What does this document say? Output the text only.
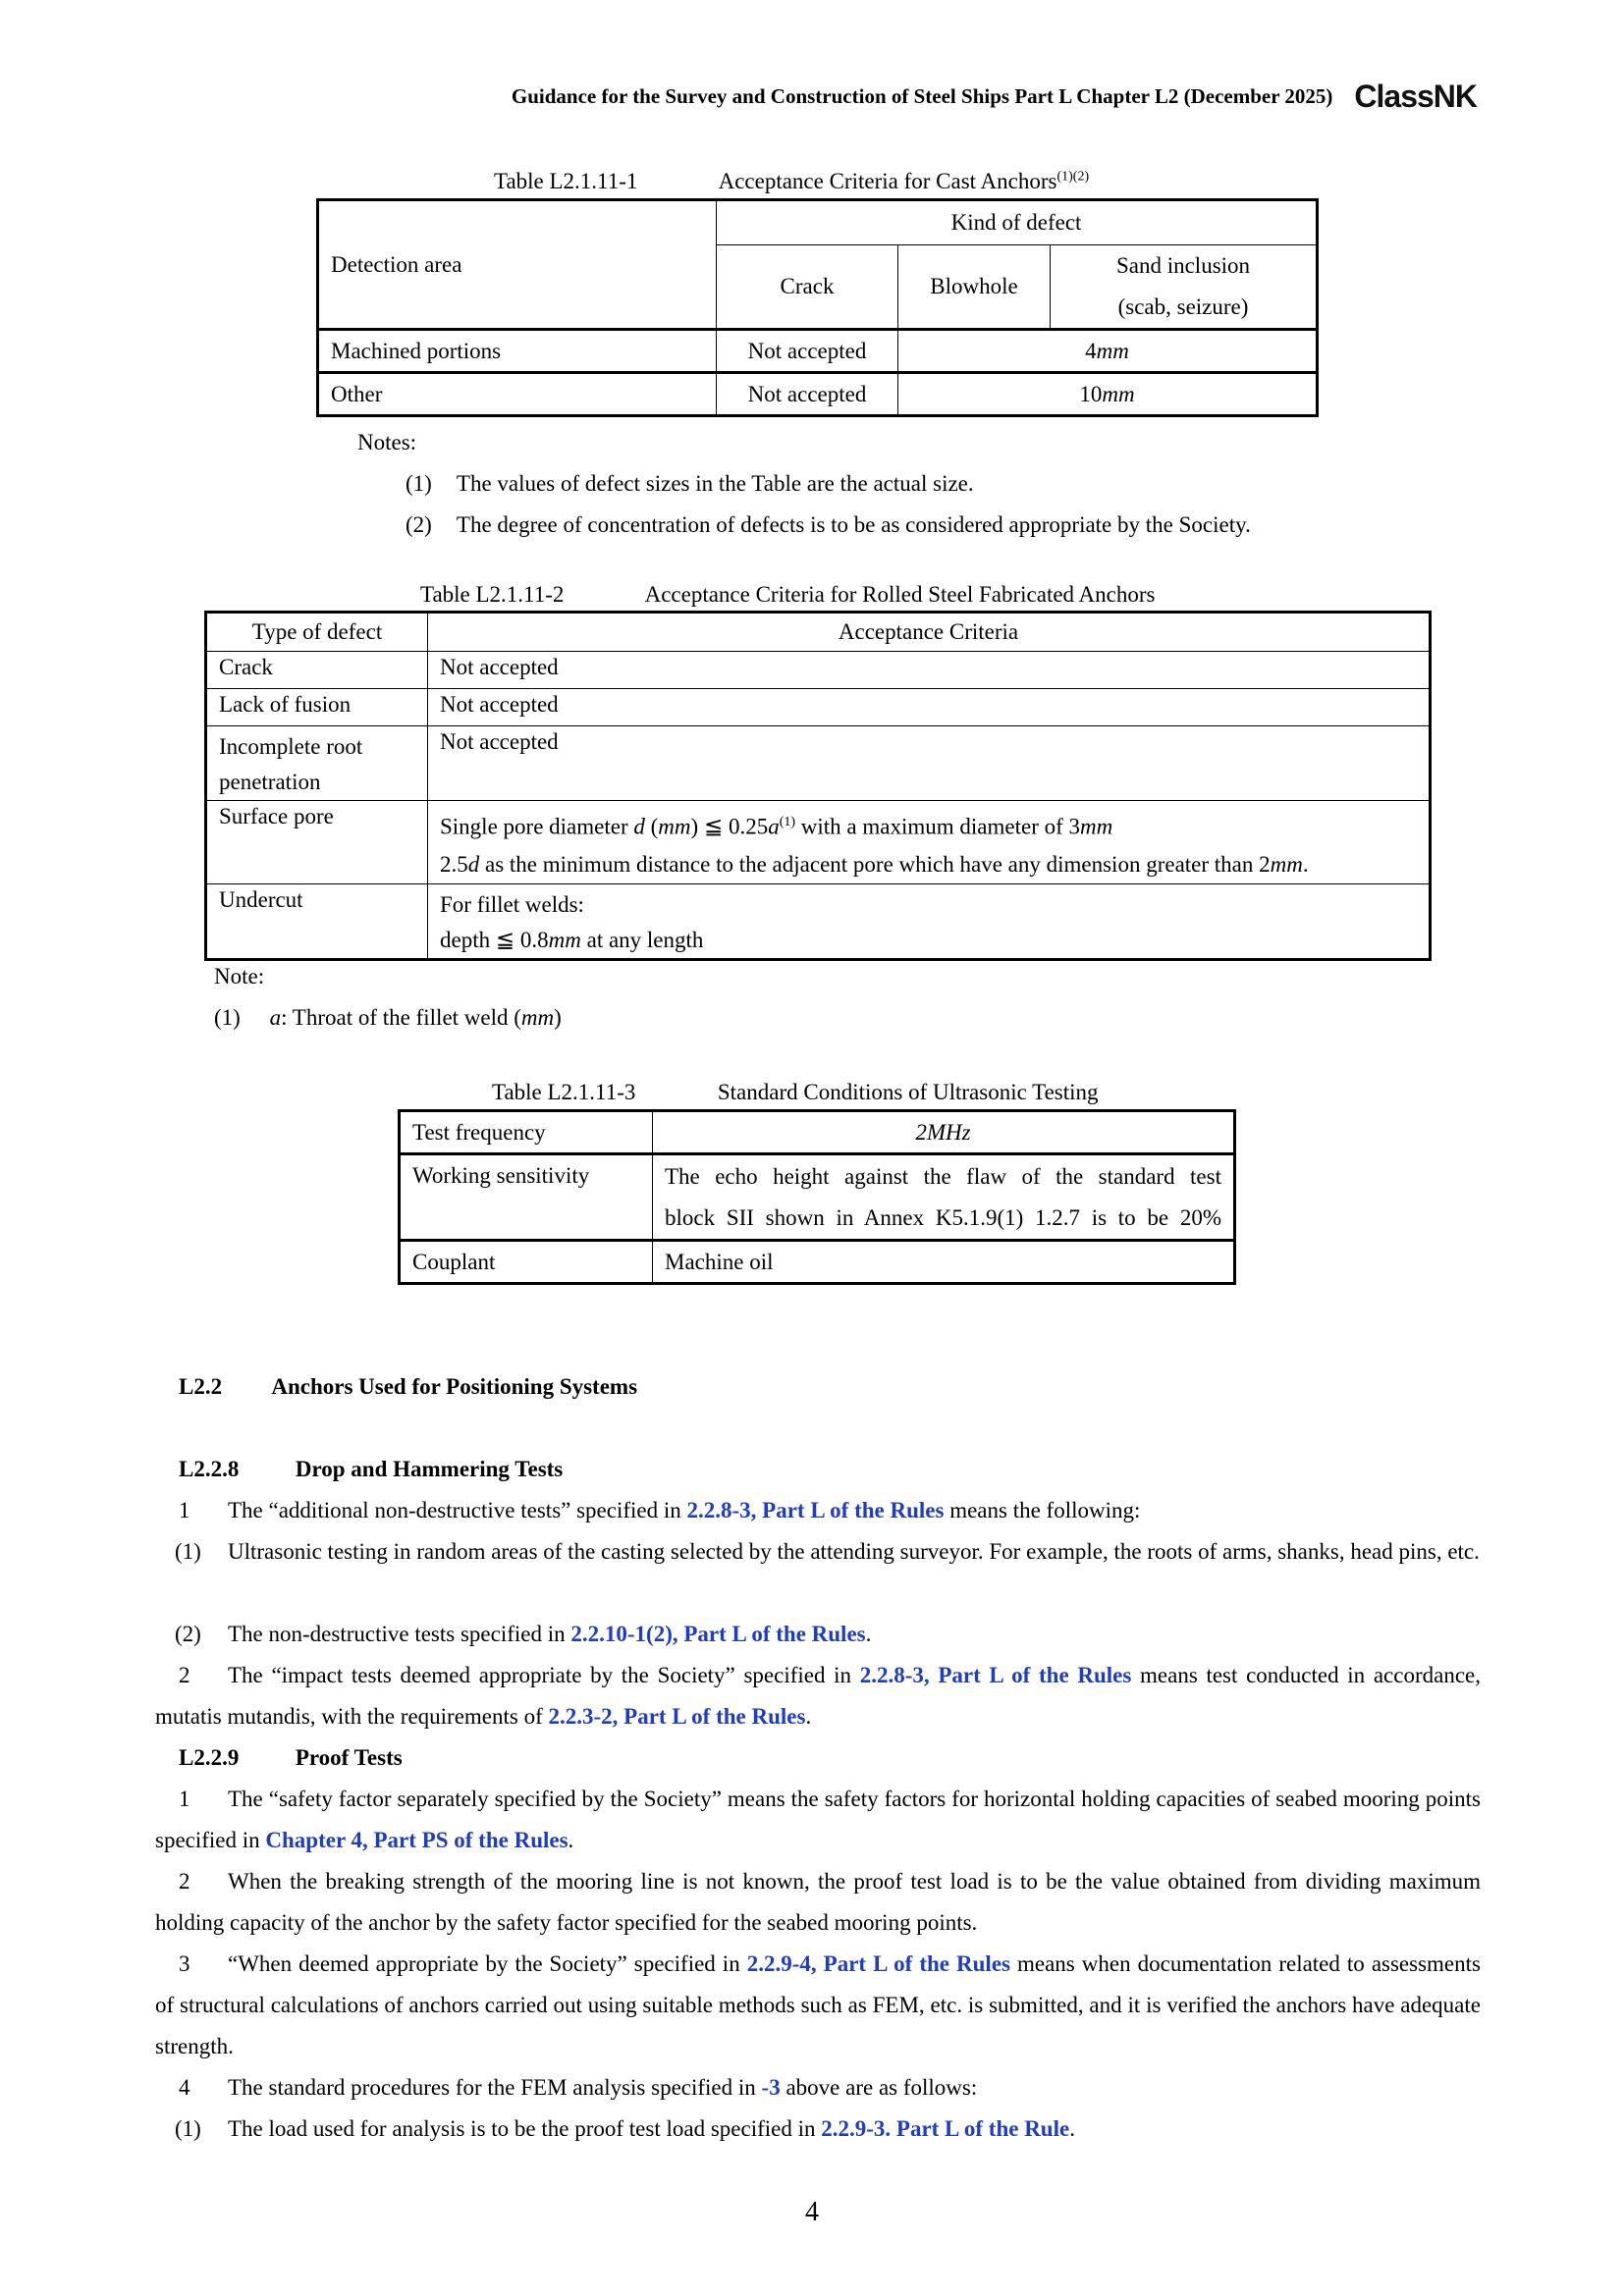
Guidance for the Survey and Construction of Steel Ships Part L Chapter L2 (December 2025) ClassNK
Table L2.1.11-1	Acceptance Criteria for Cast Anchors$^{(1)(2)}$
Detection area	Kind of defect		
	Crack	Blowhole	Sand inclusion
(scab, seizure)
Machined portions	Not accepted	4mm	
Other	Not accepted	10mm	
Notes:
(1) The values of defect sizes in the Table are the actual size.
(2) The degree of concentration of defects is to be as considered appropriate by the Society.
Table L2.1.11-2	Acceptance Criteria for Rolled Steel Fabricated Anchors
Type of defect	Acceptance Criteria
Crack	Not accepted
Lack of fusion	Not accepted
Incomplete root penetration	Not accepted
Surface pore	Single pore diameter d (mm) ≦ $0.25a^{(1)}$ with a maximum diameter of 3mm
2.5d as the minimum distance to the adjacent pore which have any dimension greater than 2mm.
Undercut	For fillet welds:
depth ≦ 0.8mm at any length
Note:
(1) a: Throat of the fillet weld (mm)
Table L2.1.11-3	Standard Conditions of Ultrasonic Testing
Test frequency	2MHz
Working sensitivity	The echo height against the flaw of the standard test
block SII shown in Annex K5.1.9(1) 1.2.7 is to be 20%
Couplant	Machine oil
L2.2 Anchors Used for Positioning Systems
L2.2.8	Drop and Hammering Tests
1 The “additional non-destructive tests” specified in 2.2.8-3, Part L of the Rules means the following:
(1) Ultrasonic testing in random areas of the casting selected by the attending surveyor. For example, the roots of arms, shanks, head pins, etc.
(2) The non-destructive tests specified in 2.2.10-1(2), Part L of the Rules.
2 The “impact tests deemed appropriate by the Society” specified in 2.2.8-3, Part L of the Rules means test conducted in accordance, mutatis mutandis, with the requirements of 2.2.3-2, Part L of the Rules.
L2.2.9	Proof Tests
1 The “safety factor separately specified by the Society” means the safety factors for horizontal holding capacities of seabed mooring points specified in Chapter 4, Part PS of the Rules.
2 When the breaking strength of the mooring line is not known, the proof test load is to be the value obtained from dividing maximum holding capacity of the anchor by the safety factor specified for the seabed mooring points.
3 “When deemed appropriate by the Society” specified in 2.2.9-4, Part L of the Rules means when documentation related to assessments of structural calculations of anchors carried out using suitable methods such as FEM, etc. is submitted, and it is verified the anchors have adequate strength.
4 The standard procedures for the FEM analysis specified in -3 above are as follows:
(1) The load used for analysis is to be the proof test load specified in 2.2.9-3. Part L of the Rule.
4
